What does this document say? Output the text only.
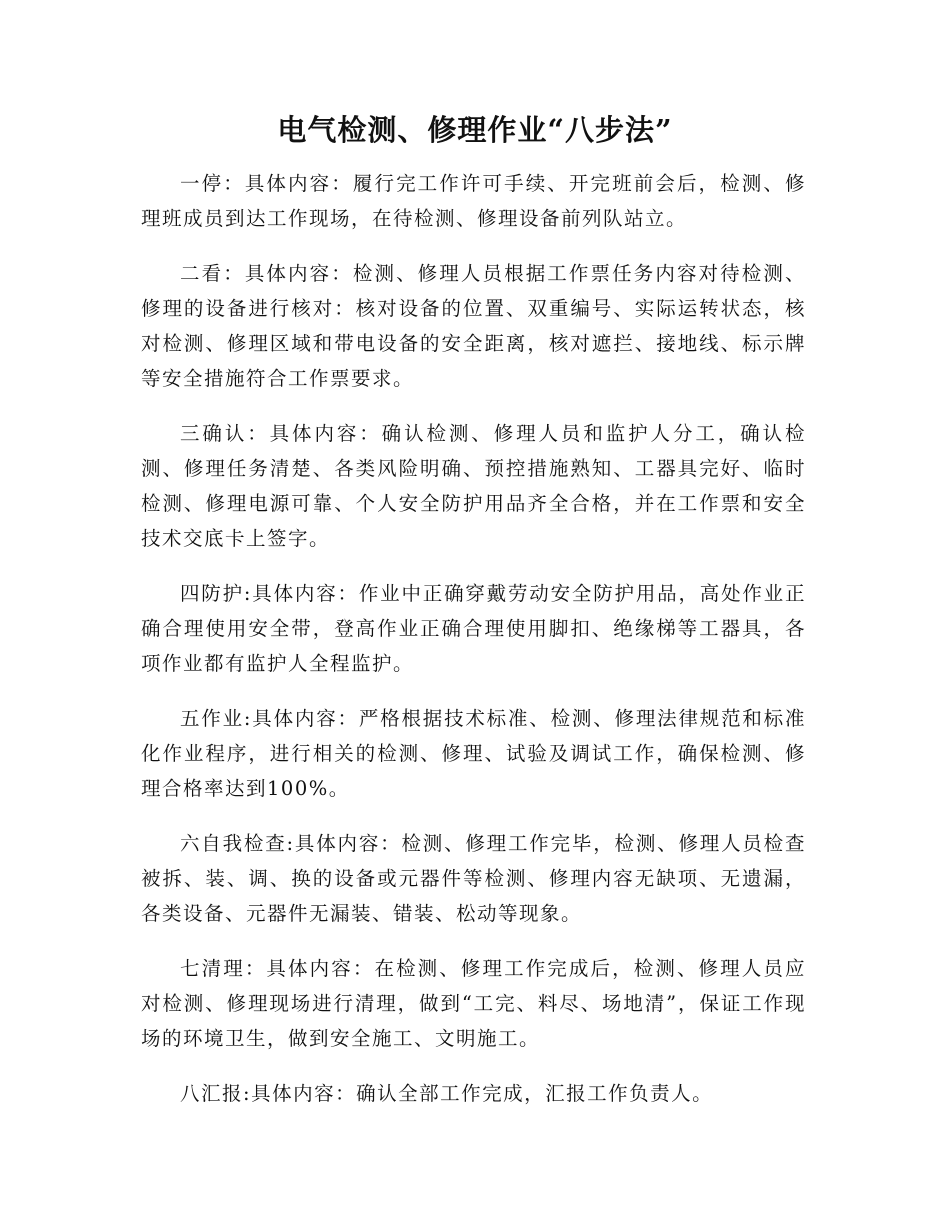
电气检测、修理作业“八步法”

一停：具体内容：履行完工作许可手续、开完班前会后，检测、修理班成员到达工作现场，在待检测、修理设备前列队站立。

二看：具体内容：检测、修理人员根据工作票任务内容对待检测、修理的设备进行核对：核对设备的位置、双重编号、实际运转状态，核对检测、修理区域和带电设备的安全距离，核对遮拦、接地线、标示牌等安全措施符合工作票要求。

三确认：具体内容：确认检测、修理人员和监护人分工，确认检测、修理任务清楚、各类风险明确、预控措施熟知、工器具完好、临时检测、修理电源可靠、个人安全防护用品齐全合格，并在工作票和安全技术交底卡上签字。

四防护:具体内容：作业中正确穿戴劳动安全防护用品，高处作业正确合理使用安全带，登高作业正确合理使用脚扣、绝缘梯等工器具，各项作业都有监护人全程监护。

五作业:具体内容：严格根据技术标准、检测、修理法律规范和标准化作业程序，进行相关的检测、修理、试验及调试工作，确保检测、修理合格率达到100%。

六自我检查:具体内容：检测、修理工作完毕，检测、修理人员检查被拆、装、调、换的设备或元器件等检测、修理内容无缺项、无遗漏，各类设备、元器件无漏装、错装、松动等现象。

七清理：具体内容：在检测、修理工作完成后，检测、修理人员应对检测、修理现场进行清理，做到“工完、料尽、场地清”，保证工作现场的环境卫生，做到安全施工、文明施工。

八汇报:具体内容：确认全部工作完成，汇报工作负责人。
